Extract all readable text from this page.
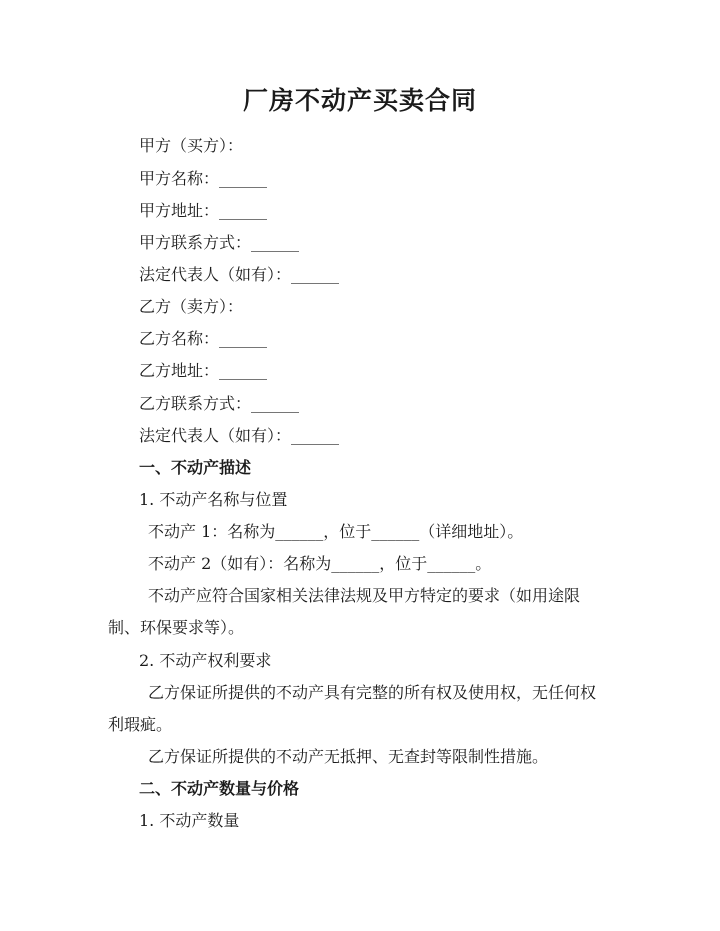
厂房不动产买卖合同

甲方（买方）：

甲方名称：______

甲方地址：______

甲方联系方式：______

法定代表人（如有）：______

乙方（卖方）：

乙方名称：______

乙方地址：______

乙方联系方式：______

法定代表人（如有）：______

一、不动产描述

1. 不动产名称与位置

不动产 1：名称为______，位于______（详细地址）。

不动产 2（如有）：名称为______，位于______。

不动产应符合国家相关法律法规及甲方特定的要求（如用途限

制、环保要求等）。

2. 不动产权利要求

乙方保证所提供的不动产具有完整的所有权及使用权，无任何权

利瑕疵。

乙方保证所提供的不动产无抵押、无查封等限制性措施。

二、不动产数量与价格

1. 不动产数量
